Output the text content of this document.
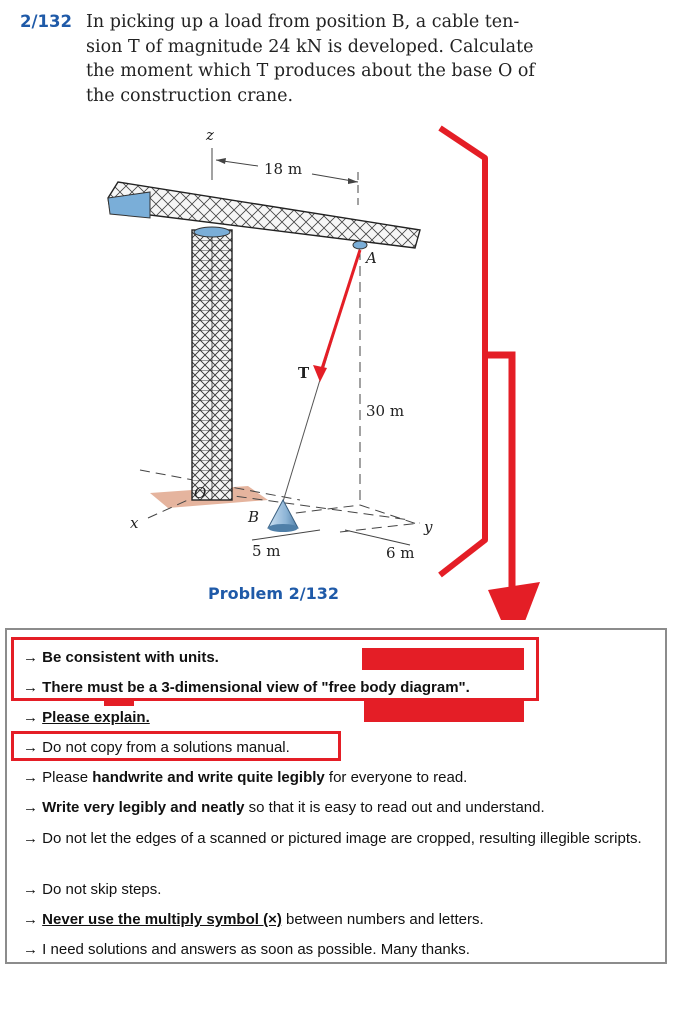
2/132 In picking up a load from position B, a cable ten-
sion T of magnitude 24 kN is developed. Calculate
the moment which T produces about the base O of
the construction crane.
z
18 m
A
T
30 m
O
B
x	y
5 m	6 m
Problem 2/132
→ Be consistent with units.
→ There must be a 3-dimensional view of "free body diagram".
→ Please explain.
→ Do not copy from a solutions manual.
→ Please handwrite and write quite legibly for everyone to read.
→ Write very legibly and neatly so that it is easy to read out and understand.
→ Do not let the edges of a scanned or pictured image are cropped, resulting illegible scripts.
→ Do not skip steps.
→ Never use the multiply symbol (×) between numbers and letters.
→ I need solutions and answers as soon as possible. Many thanks.
